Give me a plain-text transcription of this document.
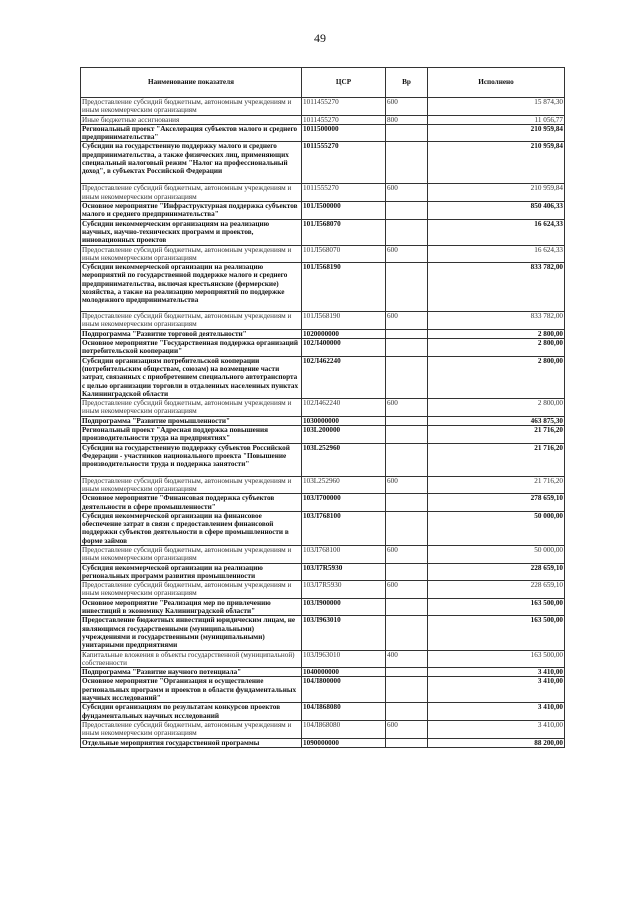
49
Наименование показателя	ЦСР	Вр	Исполнено
Предоставление субсидий бюджетным, автономным учреждениям и иным некоммерческим организациям	1011455270	600	15 874,30
Иные бюджетные ассигнования	1011455270	800	11 056,77
Региональный проект "Акселерация субъектов малого и среднего предпринимательства"	1011500000		210 959,84
Субсидии на государственную поддержку малого и среднего предпринимательства, а также физических лиц, применяющих специальный налоговый режим "Налог на профессиональный доход", в субъектах Российской Федерации	1011555270		210 959,84
Предоставление субсидий бюджетным, автономным учреждениям и иным некоммерческим организациям	1011555270	600	210 959,84
Основное мероприятие "Инфраструктурная поддержка субъектов малого и среднего предпринимательства"	101Л500000		850 406,33
Субсидии некоммерческим организациям на реализацию научных, научно-технических программ и проектов, инновационных проектов	101Л568070		16 624,33
Предоставление субсидий бюджетным, автономным учреждениям и иным некоммерческим организациям	101Л568070	600	16 624,33
Субсидии некоммерческой организации на реализацию мероприятий по государственной поддержке малого и среднего предпринимательства, включая крестьянские (фермерские) хозяйства, а также на реализацию мероприятий по поддержке молодежного предпринимательства	101Л568190		833 782,00
Предоставление субсидий бюджетным, автономным учреждениям и иным некоммерческим организациям	101Л568190	600	833 782,00
Подпрограмма "Развитие торговой деятельности"	1020000000		2 800,00
Основное мероприятие "Государственная поддержка организаций потребительской кооперации"	102Л400000		2 800,00
Субсидии организациям потребительской кооперации (потребительским обществам, союзам) на возмещение части затрат, связанных с приобретением специального автотранспорта с целью организации торговли в отдаленных населенных пунктах Калининградской области	102Л462240		2 800,00
Предоставление субсидий бюджетным, автономным учреждениям и иным некоммерческим организациям	102Л462240	600	2 800,00
Подпрограмма "Развитие промышленности"	1030000000		463 875,30
Региональный проект "Адресная поддержка повышения производительности труда на предприятиях"	103L200000		21 716,20
Субсидии на государственную поддержку субъектов Российской Федерации - участников национального проекта "Повышение производительности труда и поддержка занятости"	103L252960		21 716,20
Предоставление субсидий бюджетным, автономным учреждениям и иным некоммерческим организациям	103L252960	600	21 716,20
Основное мероприятие "Финансовая поддержка субъектов деятельности в сфере промышленности"	103Л700000		278 659,10
Субсидия некоммерческой организации на финансовое обеспечение затрат в связи с предоставлением финансовой поддержки субъектов деятельности в сфере промышленности в форме займов	103Л768100		50 000,00
Предоставление субсидий бюджетным, автономным учреждениям и иным некоммерческим организациям	103Л768100	600	50 000,00
Субсидия некоммерческой организации на реализацию региональных программ развития промышленности	103Л7R5930		228 659,10
Предоставление субсидий бюджетным, автономным учреждениям и иным некоммерческим организациям	103Л7R5930	600	228 659,10
Основное мероприятие "Реализация мер по привлечению инвестиций в экономику Калининградской области"	103Л900000		163 500,00
Предоставление бюджетных инвестиций юридическим лицам, не являющимся государственными (муниципальными) учреждениями и государственными (муниципальными) унитарными предприятиями	103Л963010		163 500,00
Капитальные вложения в объекты государственной (муниципальной) собственности	103Л963010	400	163 500,00
Подпрограмма "Развитие научного потенциала"	1040000000		3 410,00
Основное мероприятие "Организация и осуществление региональных программ и проектов в области фундаментальных научных исследований"	104Л800000		3 410,00
Субсидии организациям по результатам конкурсов проектов фундаментальных научных исследований	104Л868080		3 410,00
Предоставление субсидий бюджетным, автономным учреждениям и иным некоммерческим организациям	104Л868080	600	3 410,00
Отдельные мероприятия государственной программы	1090000000		88 200,00
